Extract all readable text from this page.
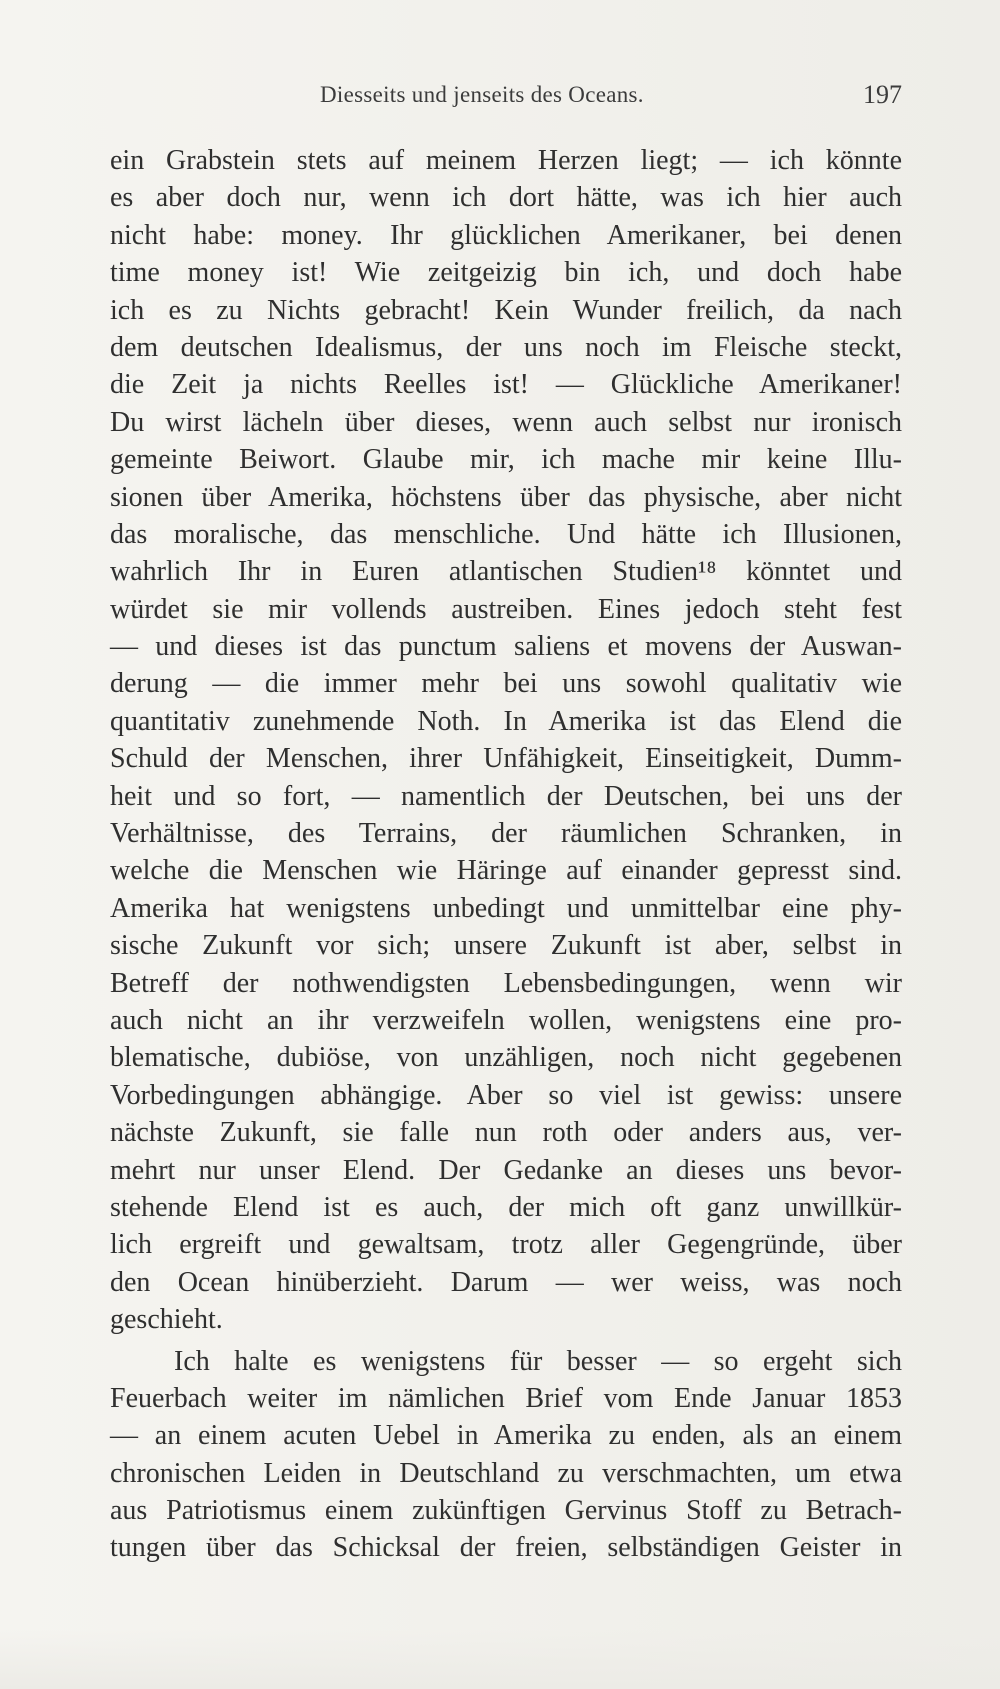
Diesseits und jenseits des Oceans.	197
ein Grabstein stets auf meinem Herzen liegt; — ich könnte
es aber doch nur, wenn ich dort hätte, was ich hier auch
nicht habe: money. Ihr glücklichen Amerikaner, bei denen
time money ist! Wie zeitgeizig bin ich, und doch habe
ich es zu Nichts gebracht! Kein Wunder freilich, da nach
dem deutschen Idealismus, der uns noch im Fleische steckt,
die Zeit ja nichts Reelles ist! — Glückliche Amerikaner!
Du wirst lächeln über dieses, wenn auch selbst nur ironisch
gemeinte Beiwort. Glaube mir, ich mache mir keine Illu-
sionen über Amerika, höchstens über das physische, aber nicht
das moralische, das menschliche. Und hätte ich Illusionen,
wahrlich Ihr in Euren atlantischen Studien¹⁸ könntet und
würdet sie mir vollends austreiben. Eines jedoch steht fest
— und dieses ist das punctum saliens et movens der Auswan-
derung — die immer mehr bei uns sowohl qualitativ wie
quantitativ zunehmende Noth. In Amerika ist das Elend die
Schuld der Menschen, ihrer Unfähigkeit, Einseitigkeit, Dumm-
heit und so fort, — namentlich der Deutschen, bei uns der
Verhältnisse, des Terrains, der räumlichen Schranken, in
welche die Menschen wie Häringe auf einander gepresst sind.
Amerika hat wenigstens unbedingt und unmittelbar eine phy-
sische Zukunft vor sich; unsere Zukunft ist aber, selbst in
Betreff der nothwendigsten Lebensbedingungen, wenn wir
auch nicht an ihr verzweifeln wollen, wenigstens eine pro-
blematische, dubiöse, von unzähligen, noch nicht gegebenen
Vorbedingungen abhängige. Aber so viel ist gewiss: unsere
nächste Zukunft, sie falle nun roth oder anders aus, ver-
mehrt nur unser Elend. Der Gedanke an dieses uns bevor-
stehende Elend ist es auch, der mich oft ganz unwillkür-
lich ergreift und gewaltsam, trotz aller Gegengründe, über
den Ocean hinüberzieht. Darum — wer weiss, was noch
geschieht.
Ich halte es wenigstens für besser — so ergeht sich
Feuerbach weiter im nämlichen Brief vom Ende Januar 1853
— an einem acuten Uebel in Amerika zu enden, als an einem
chronischen Leiden in Deutschland zu verschmachten, um etwa
aus Patriotismus einem zukünftigen Gervinus Stoff zu Betrach-
tungen über das Schicksal der freien, selbständigen Geister in
